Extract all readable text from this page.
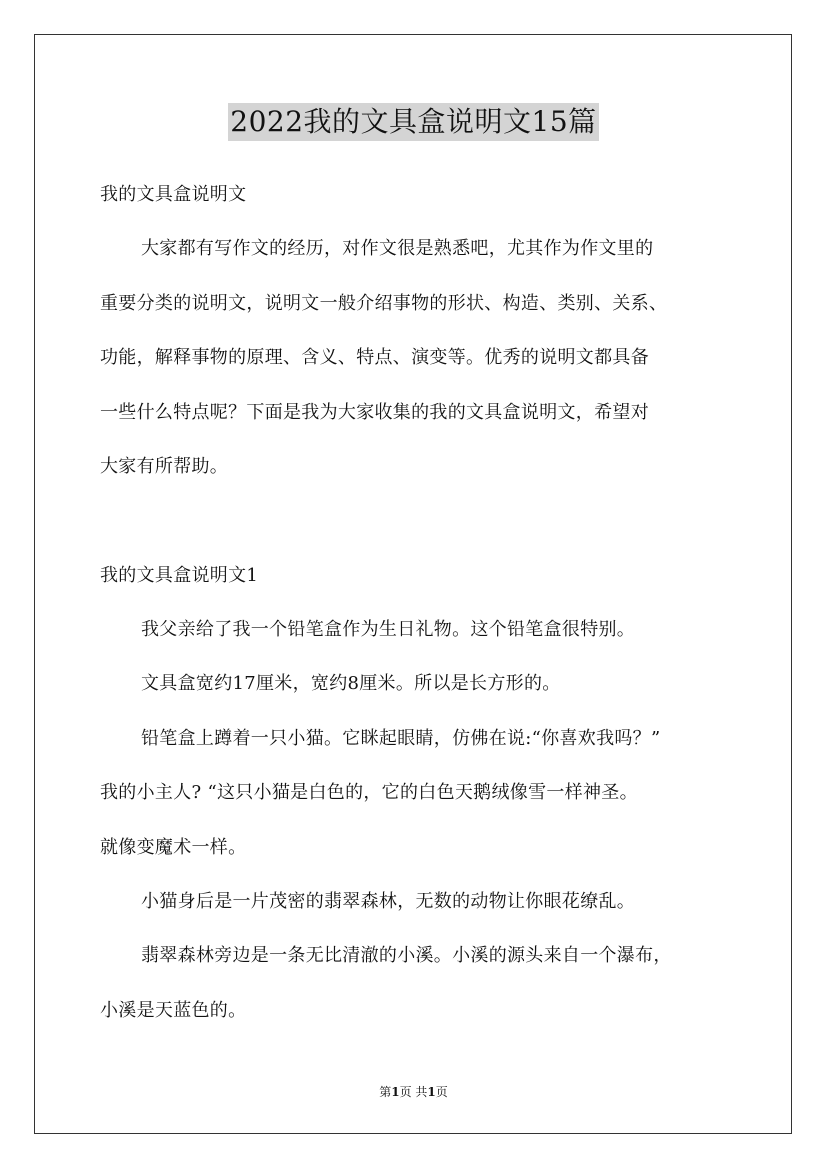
2022我的文具盒说明文15篇
我的文具盒说明文
大家都有写作文的经历，对作文很是熟悉吧，尤其作为作文里的
重要分类的说明文，说明文一般介绍事物的形状、构造、类别、关系、
功能，解释事物的原理、含义、特点、演变等。优秀的说明文都具备
一些什么特点呢？下面是我为大家收集的我的文具盒说明文，希望对
大家有所帮助。
我的文具盒说明文1
我父亲给了我一个铅笔盒作为生日礼物。这个铅笔盒很特别。
文具盒宽约17厘米，宽约8厘米。所以是长方形的。
铅笔盒上蹲着一只小猫。它眯起眼睛，仿佛在说:“你喜欢我吗？”
我的小主人? “这只小猫是白色的，它的白色天鹅绒像雪一样神圣。
就像变魔术一样。
小猫身后是一片茂密的翡翠森林，无数的动物让你眼花缭乱。
翡翠森林旁边是一条无比清澈的小溪。小溪的源头来自一个瀑布，
小溪是天蓝色的。
第1页 共1页
